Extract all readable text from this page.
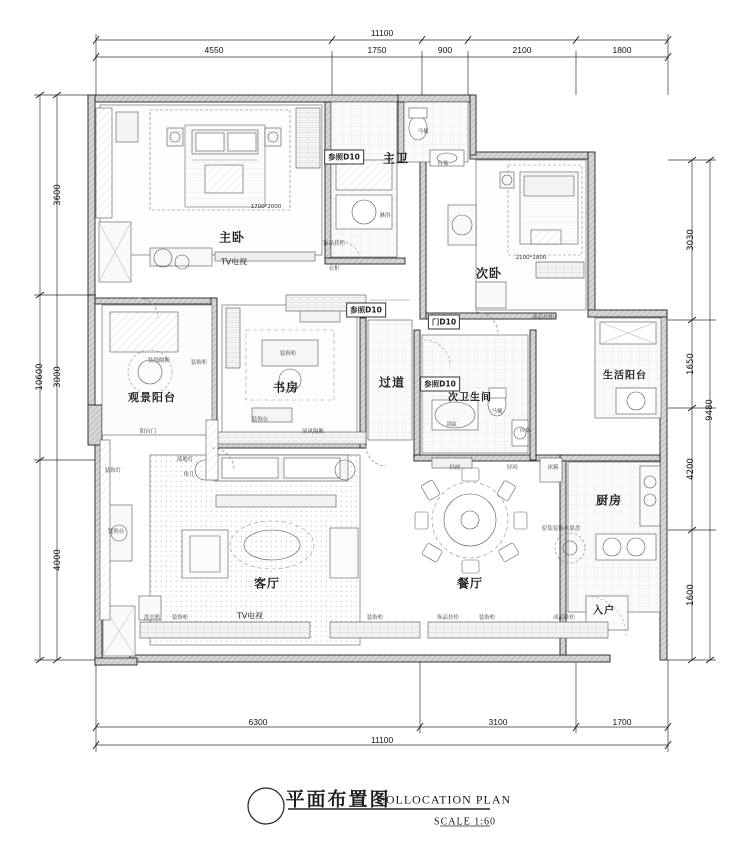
11100
4550	1750	900	2100	1800
6300	3100	1700
11100
10600
3600
3000
4000
9480
3030
1650
4200
1600
主卧
主卫
次卧
生活阳台
观景阳台
书房	过道
次卫生间
厨房
客厅	餐厅
入户
参照D10
参照D10
参照D10
门D10
1700*2000
2100*1800
TV电视
TV电视
装饰柜
装饰隔断
屏风隔断
装饰台
装饰柜
阳台门
装饰灯
装饰台
落地灯
角几
洗衣机 装饰柜	装饰柜	饰品挂柜	装饰柜	成品鞋柜
饰品挂柜
衣柜
成品衣柜
挂画	屏风	冰箱
原装装饰水果盘
台盆
马桶
淋浴
台盆
马桶
浴缸
平面布置图
COLLOCATION PLAN
SCALE 1:60
